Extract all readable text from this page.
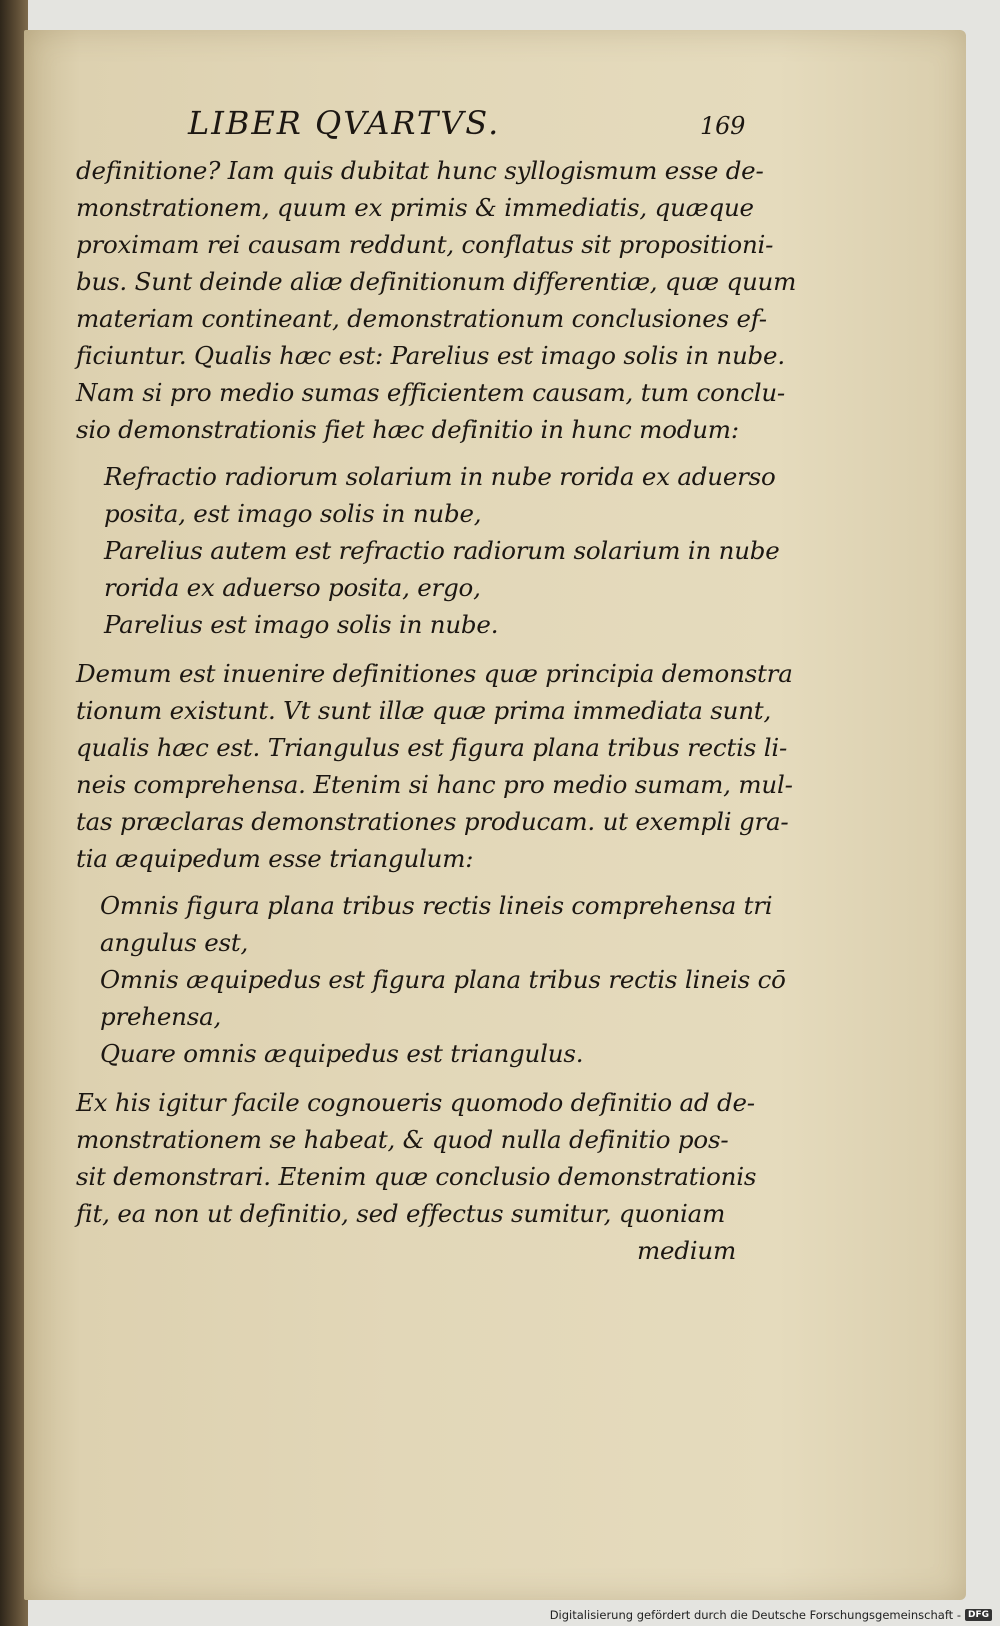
LIBER QVARTVS.	169
definitione? Iam quis dubitat hunc syllogismum esse de-
monstrationem, quum ex primis & immediatis, quæque
proximam rei causam reddunt, conflatus sit propositioni-
bus. Sunt deinde aliæ definitionum differentiæ, quæ quum
materiam contineant, demonstrationum conclusiones ef-
ficiuntur. Qualis hæc est: Parelius est imago solis in nube.
Nam si pro medio sumas efficientem causam, tum conclu-
sio demonstrationis fiet hæc definitio in hunc modum:
Refractio radiorum solarium in nube rorida ex aduerso
posita, est imago solis in nube,
Parelius autem est refractio radiorum solarium in nube
rorida ex aduerso posita, ergo,
Parelius est imago solis in nube.
Demum est inuenire definitiones quæ principia demonstra
tionum existunt. Vt sunt illæ quæ prima immediata sunt,
qualis hæc est. Triangulus est figura plana tribus rectis li-
neis comprehensa. Etenim si hanc pro medio sumam, mul-
tas præclaras demonstrationes producam. ut exempli gra-
tia æquipedum esse triangulum:
Omnis figura plana tribus rectis lineis comprehensa tri
angulus est,
Omnis æquipedus est figura plana tribus rectis lineis cō
prehensa,
Quare omnis æquipedus est triangulus.
Ex his igitur facile cognoueris quomodo definitio ad de-
monstrationem se habeat, & quod nulla definitio pos-
sit demonstrari. Etenim quæ conclusio demonstrationis
fit, ea non ut definitio, sed effectus sumitur, quoniam
medium
Digitalisierung gefördert durch die Deutsche Forschungsgemeinschaft - DFG
